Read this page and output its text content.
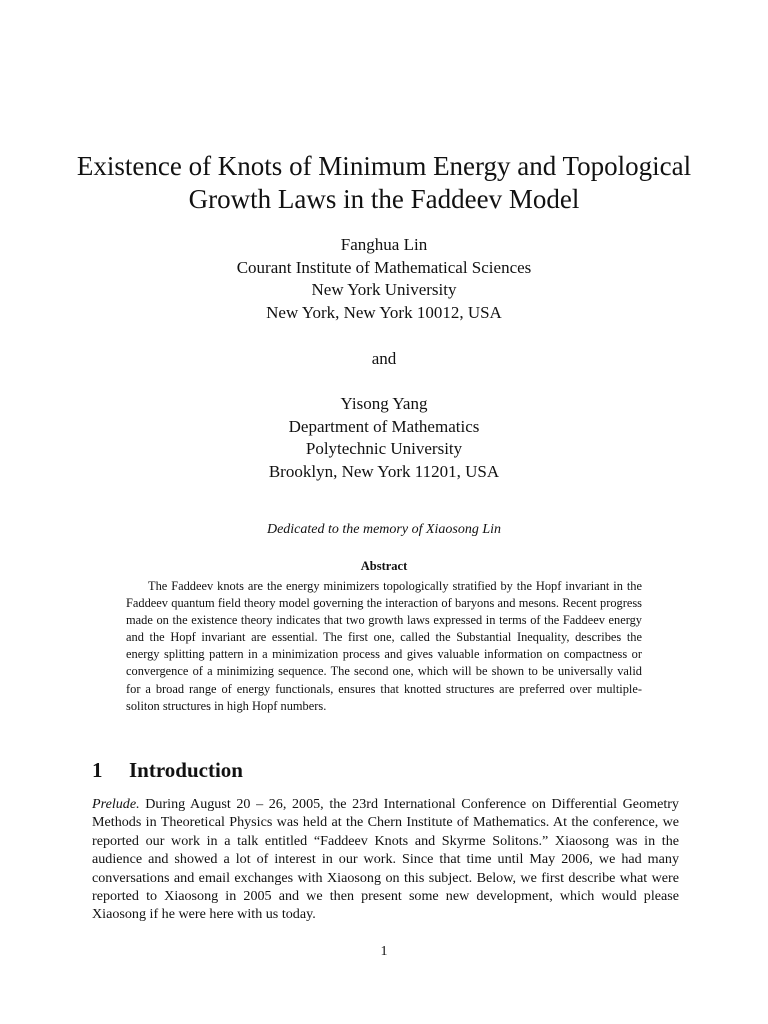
Existence of Knots of Minimum Energy and Topological
Growth Laws in the Faddeev Model
Fanghua Lin
Courant Institute of Mathematical Sciences
New York University
New York, New York 10012, USA
and
Yisong Yang
Department of Mathematics
Polytechnic University
Brooklyn, New York 11201, USA
Dedicated to the memory of Xiaosong Lin
Abstract

The Faddeev knots are the energy minimizers topologically stratified by the Hopf invariant in the Faddeev quantum field theory model governing the interaction of baryons and mesons. Recent progress made on the existence theory indicates that two growth laws expressed in terms of the Faddeev energy and the Hopf invariant are essential. The first one, called the Substantial Inequality, describes the energy splitting pattern in a minimization process and gives valuable information on compactness or convergence of a minimizing sequence. The second one, which will be shown to be universally valid for a broad range of energy functionals, ensures that knotted structures are preferred over multiple-soliton structures in high Hopf numbers.

1 Introduction

Prelude. During August 20 – 26, 2005, the 23rd International Conference on Differential Geometry Methods in Theoretical Physics was held at the Chern Institute of Mathematics. At the conference, we reported our work in a talk entitled “Faddeev Knots and Skyrme Solitons.” Xiaosong was in the audience and showed a lot of interest in our work. Since that time until May 2006, we had many conversations and email exchanges with Xiaosong on this subject. Below, we first describe what were reported to Xiaosong in 2005 and we then present some new development, which would please Xiaosong if he were here with us today.

1
